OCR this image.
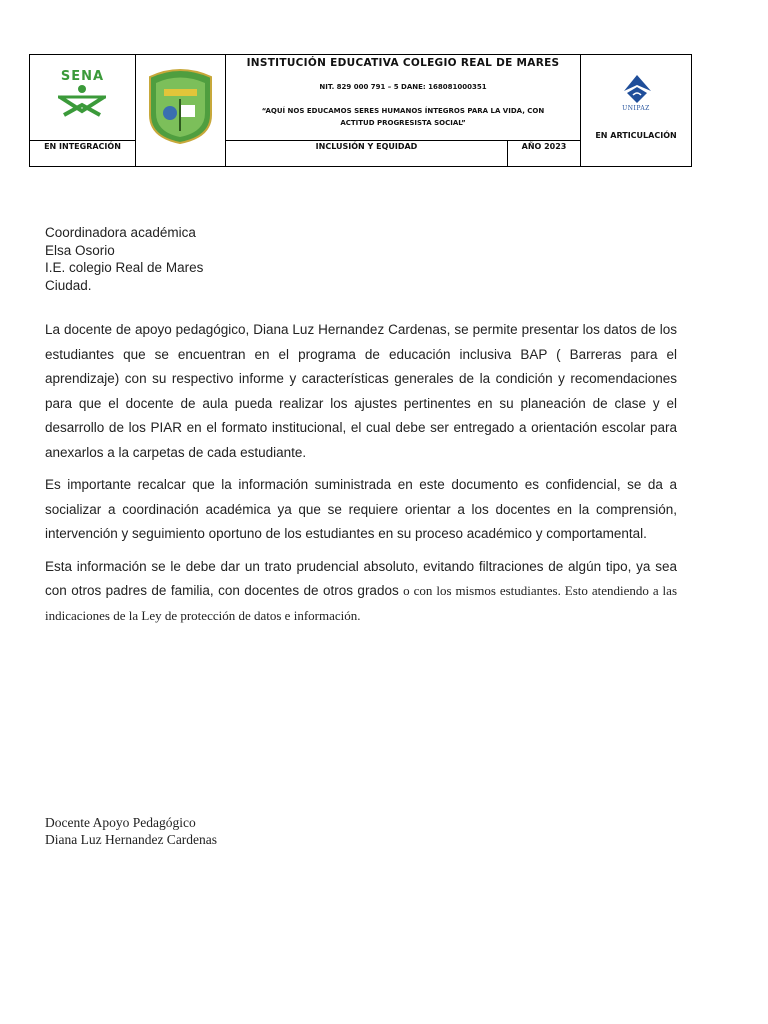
SENA
EN INTEGRACIÓN
INSTITUCIÓN EDUCATIVA COLEGIO REAL DE MARES
NIT. 829 000 791 – 5 DANE: 168081000351
“AQUÍ NOS EDUCAMOS SERES HUMANOS ÍNTEGROS PARA LA VIDA, CON
ACTITUD PROGRESISTA SOCIAL”
INCLUSIÓN Y EQUIDAD	AÑO 2023
UNIPAZ
EN ARTICULACIÓN
Coordinadora académica
Elsa Osorio
I.E. colegio Real de Mares
Ciudad.

La docente de apoyo pedagógico, Diana Luz Hernandez Cardenas, se permite presentar los datos de los estudiantes que se encuentran en el programa de educación inclusiva BAP ( Barreras para el aprendizaje) con su respectivo informe y características generales de la condición y recomendaciones para que el docente de aula pueda realizar los ajustes pertinentes en su planeación de clase y el desarrollo de los PIAR en el formato institucional, el cual debe ser entregado a orientación escolar para anexarlos a la carpetas de cada estudiante.

Es importante recalcar que la información suministrada en este documento es confidencial, se da a socializar a coordinación académica ya que se requiere orientar a los docentes en la comprensión, intervención y seguimiento oportuno de los estudiantes en su proceso académico y comportamental.

Esta información se le debe dar un trato prudencial absoluto, evitando filtraciones de algún tipo, ya sea con otros padres de familia, con docentes de otros grados o con los mismos estudiantes. Esto atendiendo a las indicaciones de la Ley de protección de datos e información.

Docente Apoyo Pedagógico
Diana Luz Hernandez Cardenas
